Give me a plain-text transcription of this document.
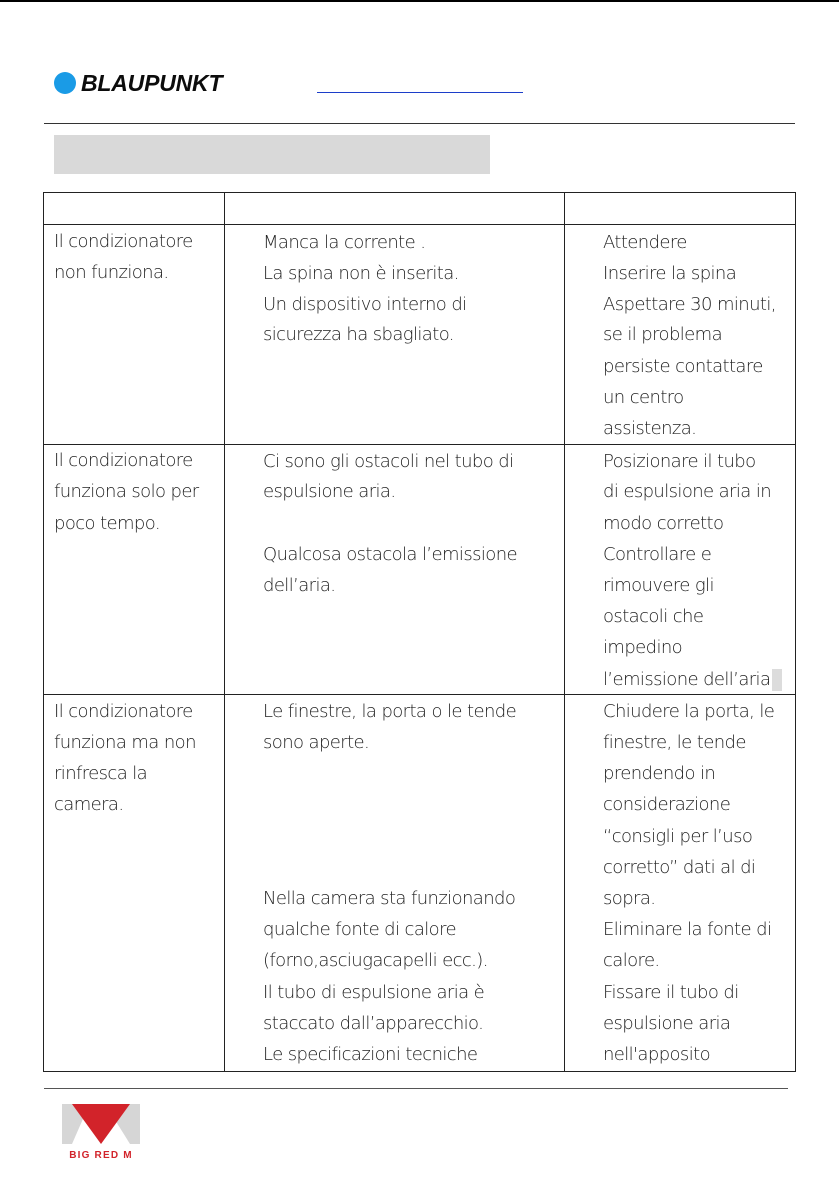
BLAUPUNKT
Il condizionatore
non funziona.
Manca la corrente .
La spina non è inserita.
Un dispositivo interno di
sicurezza ha sbagliato.
Attendere
Inserire la spina
Aspettare 30 minuti,
se il problema
persiste contattare
un centro
assistenza.
Il condizionatore
funziona solo per
poco tempo.
Ci sono gli ostacoli nel tubo di
espulsione aria.
Qualcosa ostacola l’emissione
dell’aria.
Posizionare il tubo
di espulsione aria in
modo corretto
Controllare e
rimouvere gli
ostacoli che
impedino
l’emissione dell’aria
Il condizionatore
funziona ma non
rinfresca la
camera.
Le finestre, la porta o le tende
sono aperte.
Nella camera sta funzionando
qualche fonte di calore
(forno,asciugacapelli ecc.).
Il tubo di espulsione aria è
staccato dall’apparecchio.
Le specificazioni tecniche
Chiudere la porta, le
finestre, le tende
prendendo in
considerazione
“consigli per l’uso
corretto” dati al di
sopra.
Eliminare la fonte di
calore.
Fissare il tubo di
espulsione aria
nell'apposito
BIG RED M
